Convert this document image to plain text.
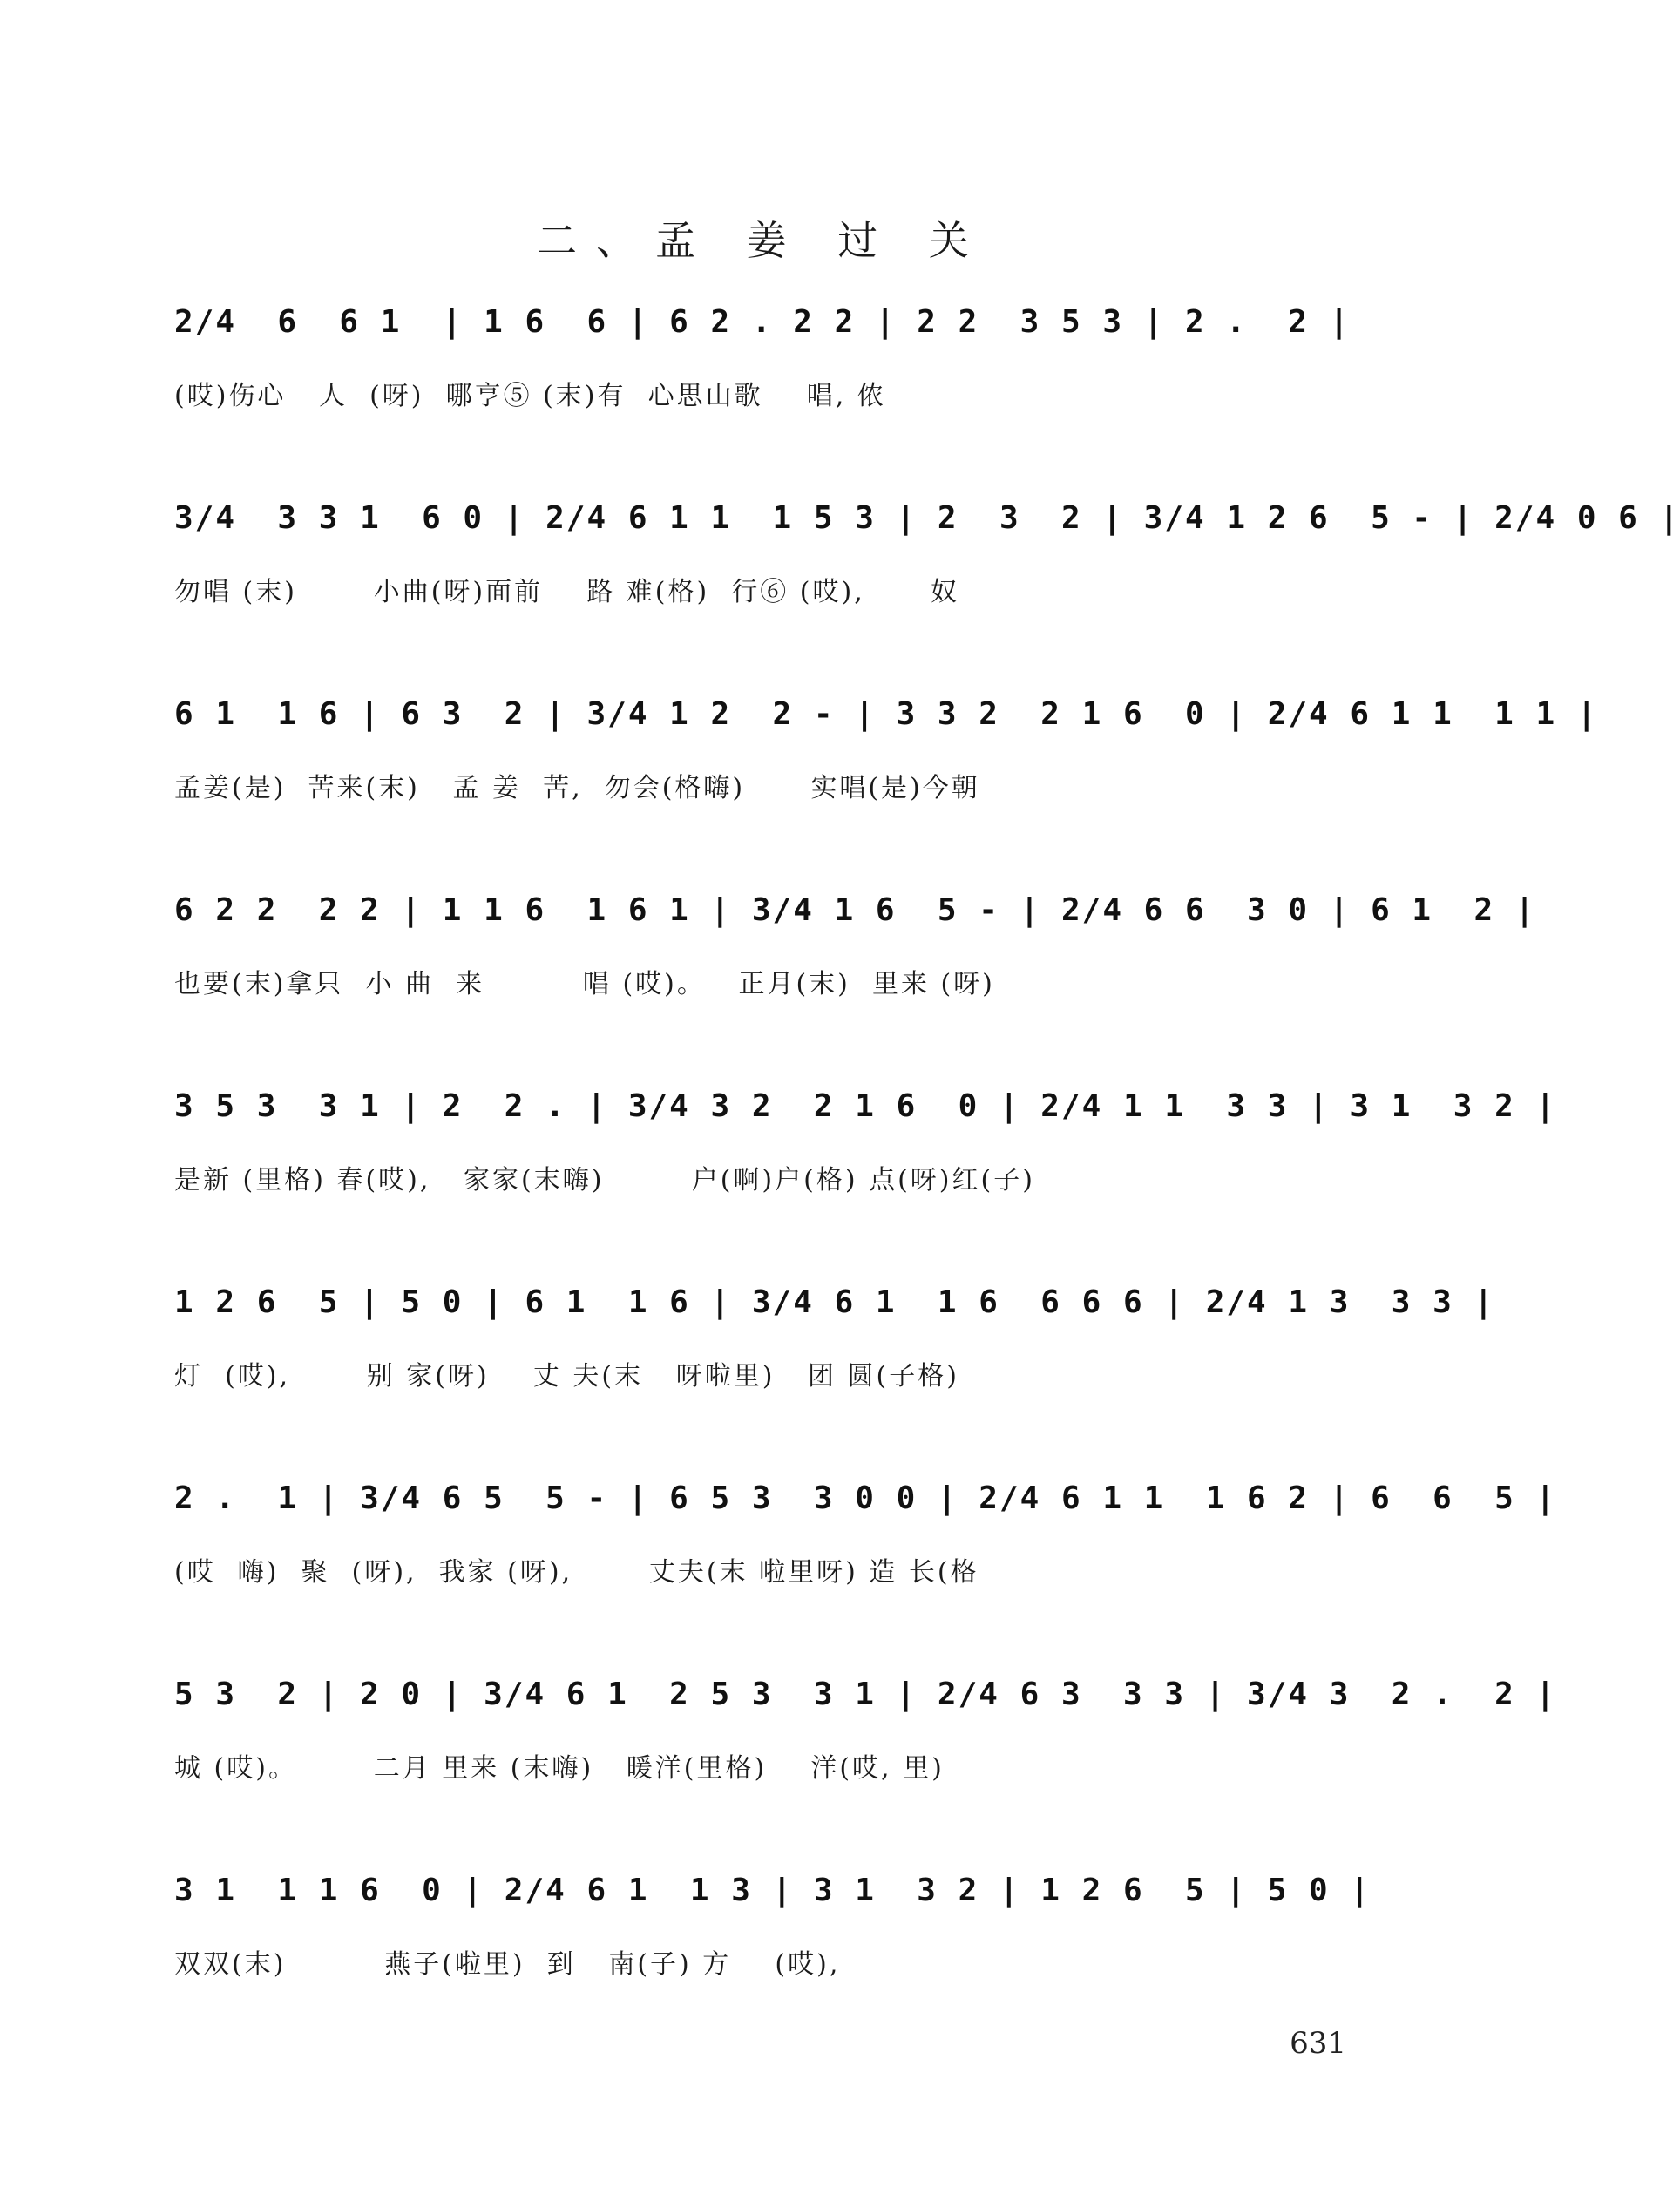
二、孟 姜 过 关
2/4  6  6 1  | 1 6  6 | 6 2 . 2 2 | 2 2  3 5 3 | 2 .  2 |
(哎)伤心   人  (呀)  哪亨⑤ (末)有  心思山歌    唱, 侬
3/4  3 3 1  6 0 | 2/4 6 1 1  1 5 3 | 2  3  2 | 3/4 1 2 6  5 - | 2/4 0 6 |
勿唱 (末)       小曲(呀)面前    路 难(格)  行⑥ (哎),      奴
6 1  1 6 | 6 3  2 | 3/4 1 2  2 - | 3 3 2  2 1 6  0 | 2/4 6 1 1  1 1 |
孟姜(是)  苦来(末)   孟 姜  苦,  勿会(格嗨)      实唱(是)今朝
6 2 2  2 2 | 1 1 6  1 6 1 | 3/4 1 6  5 - | 2/4 6 6  3 0 | 6 1  2 |
也要(末)拿只  小 曲  来         唱 (哎)。   正月(末)  里来 (呀)
3 5 3  3 1 | 2  2 . | 3/4 3 2  2 1 6  0 | 2/4 1 1  3 3 | 3 1  3 2 |
是新 (里格) 春(哎),   家家(末嗨)        户(啊)户(格) 点(呀)红(子)
1 2 6  5 | 5 0 | 6 1  1 6 | 3/4 6 1  1 6  6 6 6 | 2/4 1 3  3 3 |
灯  (哎),       别 家(呀)    丈 夫(末   呀啦里)   团 圆(子格)
2 .  1 | 3/4 6 5  5 - | 6 5 3  3 0 0 | 2/4 6 1 1  1 6 2 | 6  6  5 |
(哎  嗨)  聚  (呀),  我家 (呀),       丈夫(末 啦里呀) 造 长(格
5 3  2 | 2 0 | 3/4 6 1  2 5 3  3 1 | 2/4 6 3  3 3 | 3/4 3  2 .  2 |
城 (哎)。       二月 里来 (末嗨)   暖洋(里格)    洋(哎, 里)
3 1  1 1 6  0 | 2/4 6 1  1 3 | 3 1  3 2 | 1 2 6  5 | 5 0 |
双双(末)         燕子(啦里)  到   南(子) 方    (哎),
631
